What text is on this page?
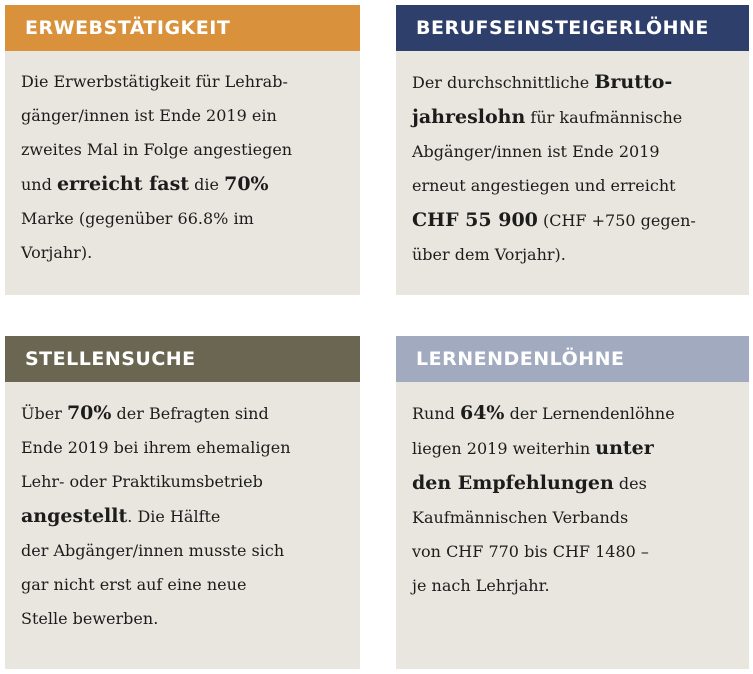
ERWEBSTÄTIGKEIT
Die Erwerbstätigkeit für Lehrab-
gänger/innen ist Ende 2019 ein
zweites Mal in Folge angestiegen
und erreicht fast die 70%
Marke (gegenüber 66.8% im
Vorjahr).
BERUFSEINSTEIGERLÖHNE
Der durchschnittliche Brutto-
jahreslohn für kaufmännische
Abgänger/innen ist Ende 2019
erneut angestiegen und erreicht
CHF 55 900 (CHF +750 gegen-
über dem Vorjahr).
STELLENSUCHE
Über 70% der Befragten sind
Ende 2019 bei ihrem ehemaligen
Lehr- oder Praktikumsbetrieb
angestellt. Die Hälfte
der Abgänger/innen musste sich
gar nicht erst auf eine neue
Stelle bewerben.
LERNENDENLÖHNE
Rund 64% der Lernendenlöhne
liegen 2019 weiterhin unter
den Empfehlungen des
Kaufmännischen Verbands
von CHF 770 bis CHF 1480 –
je nach Lehrjahr.
